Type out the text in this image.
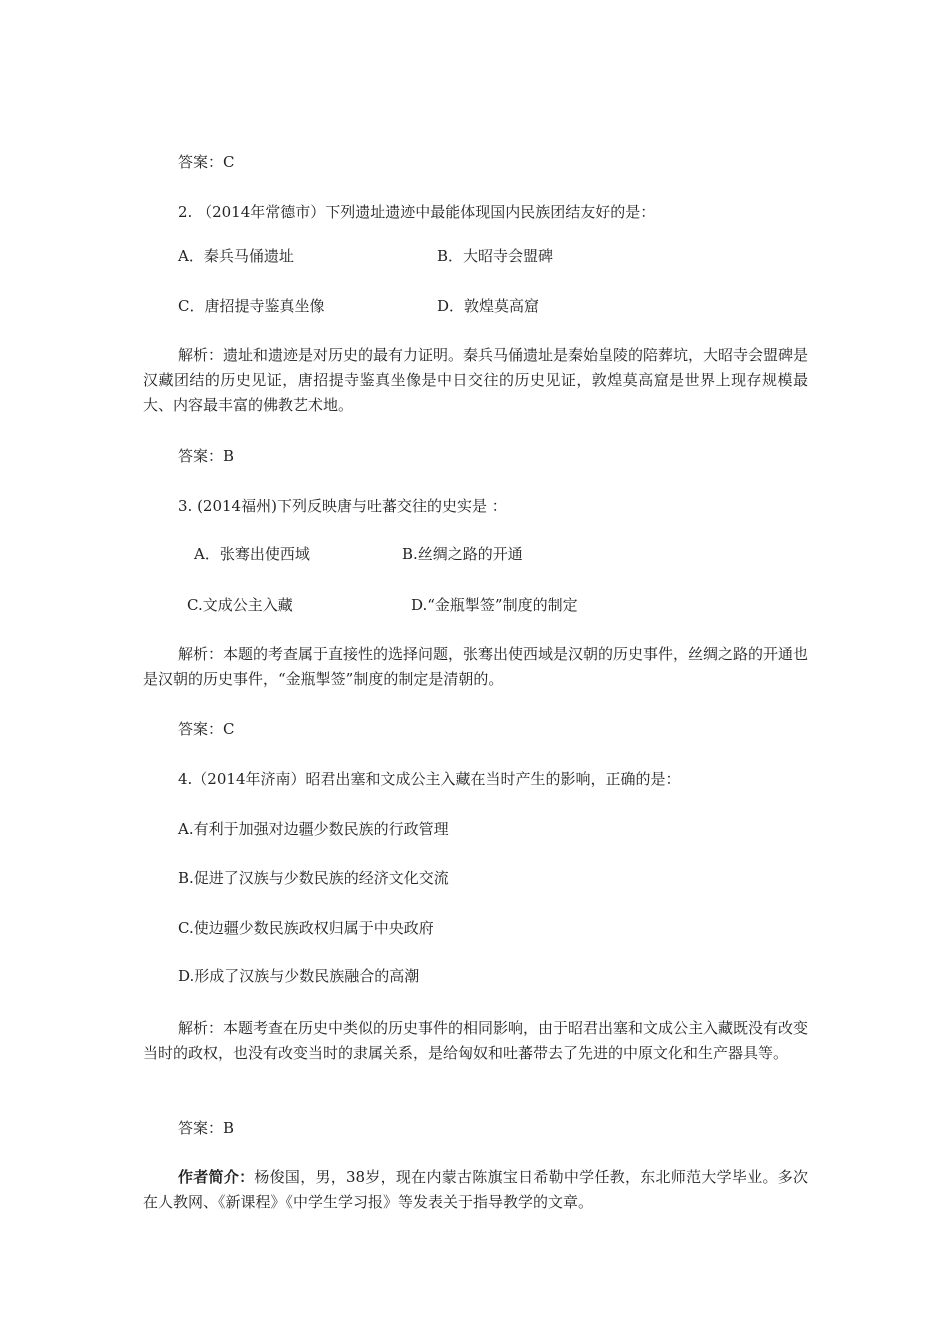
答案：C
2. （2014年常德市）下列遗址遗迹中最能体现国内民族团结友好的是：
A．秦兵马俑遗址	B．大昭寺会盟碑
C．唐招提寺鉴真坐像	D．敦煌莫高窟
解析：遗址和遗迹是对历史的最有力证明。秦兵马俑遗址是秦始皇陵的陪葬坑，大昭寺会盟碑是汉藏团结的历史见证，唐招提寺鉴真坐像是中日交往的历史见证，敦煌莫高窟是世界上现存规模最大、内容最丰富的佛教艺术地。
答案：B
3. (2014福州)下列反映唐与吐蕃交往的史实是 ：
A．张骞出使西域	B.丝绸之路的开通
C.文成公主入藏	D.“金瓶掣签”制度的制定
解析：本题的考查属于直接性的选择问题，张骞出使西域是汉朝的历史事件，丝绸之路的开通也是汉朝的历史事件，“金瓶掣签”制度的制定是清朝的。
答案：C
4.（2014年济南）昭君出塞和文成公主入藏在当时产生的影响，正确的是：
A.有利于加强对边疆少数民族的行政管理
B.促进了汉族与少数民族的经济文化交流
C.使边疆少数民族政权归属于中央政府
D.形成了汉族与少数民族融合的高潮
解析：本题考查在历史中类似的历史事件的相同影响，由于昭君出塞和文成公主入藏既没有改变当时的政权，也没有改变当时的隶属关系，是给匈奴和吐蕃带去了先进的中原文化和生产器具等。
答案：B
作者简介：杨俊国，男，38岁，现在内蒙古陈旗宝日希勒中学任教，东北师范大学毕业。多次在人教网、《新课程》《中学生学习报》等发表关于指导教学的文章。
